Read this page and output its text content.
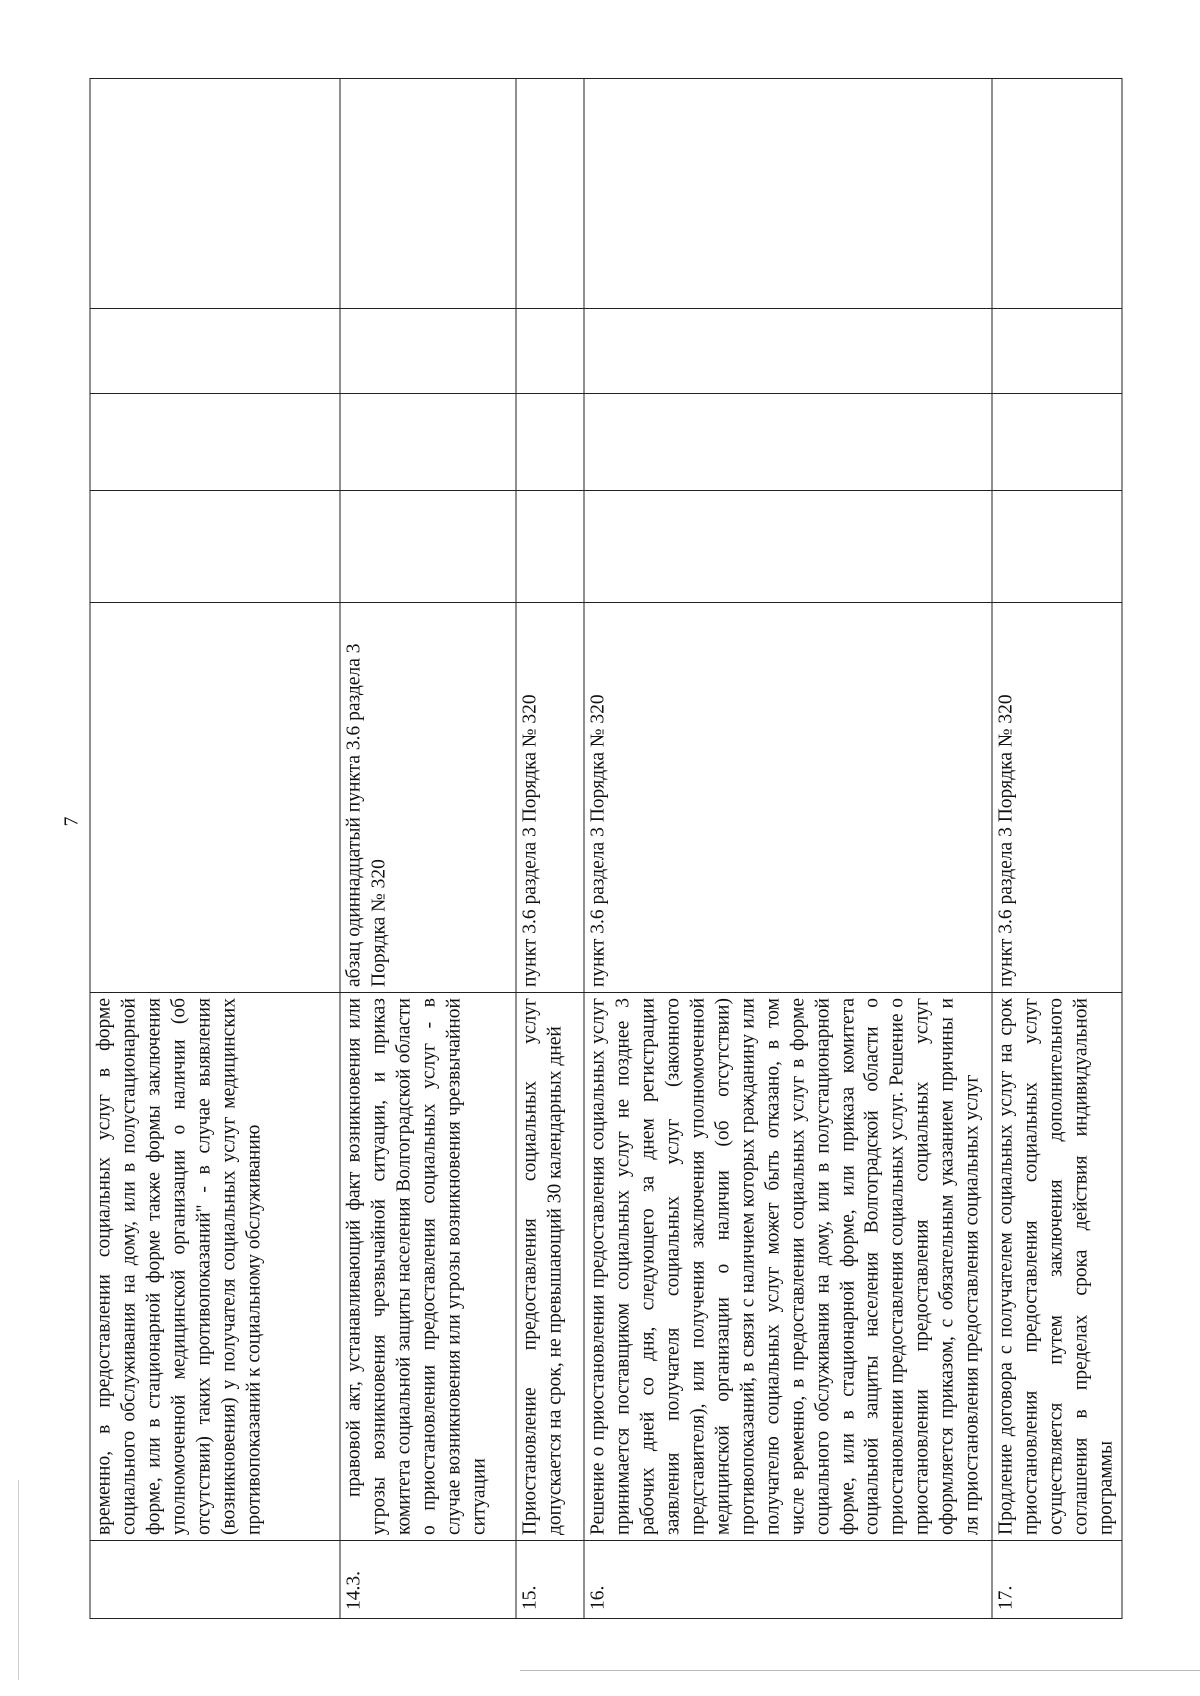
7
	временно, в предоставлении социальных услуг в форме социального обслуживания на дому, или в полустационарной форме, или в стационарной форме также формы заключения уполномоченной медицинской организации о наличии (об отсутствии) таких противопоказаний" - в случае выявления (возникновения) у получателя социальных услуг медицинских противопоказаний к социальному обслуживанию					
14.3.	правовой акт, устанавливающий факт возникновения или угрозы возникновения чрезвычайной ситуации, и приказ комитета социальной защиты населения Волгоградской области о приостановлении предоставления социальных услуг - в случае возникновения или угрозы возникновения чрезвычайной ситуации	абзац одиннадцатый пункта 3.6 раздела 3 Порядка № 320				
15.	Приостановление предоставления социальных услуг допускается на срок, не превышающий 30 календарных дней	пункт 3.6 раздела 3 Порядка № 320				
16.	Решение о приостановлении предоставления социальных услуг принимается поставщиком социальных услуг не позднее 3 рабочих дней со дня, следующего за днем регистрации заявления получателя социальных услуг (законного представителя), или получения заключения уполномоченной медицинской организации о наличии (об отсутствии) противопоказаний, в связи с наличием которых гражданину или получателю социальных услуг может быть отказано, в том числе временно, в предоставлении социальных услуг в форме социального обслуживания на дому, или в полустационарной форме, или в стационарной форме, или приказа комитета социальной защиты населения Волгоградской области о приостановлении предоставления социальных услуг. Решение о приостановлении предоставления социальных услуг оформляется приказом, с обязательным указанием причины и ля приостановления предоставления социальных услуг	пункт 3.6 раздела 3 Порядка № 320				
17.	Продление договора с получателем социальных услуг на срок приостановления предоставления социальных услуг осуществляется путем заключения дополнительного соглашения в пределах срока действия индивидуальной программы	пункт 3.6 раздела 3 Порядка № 320				
